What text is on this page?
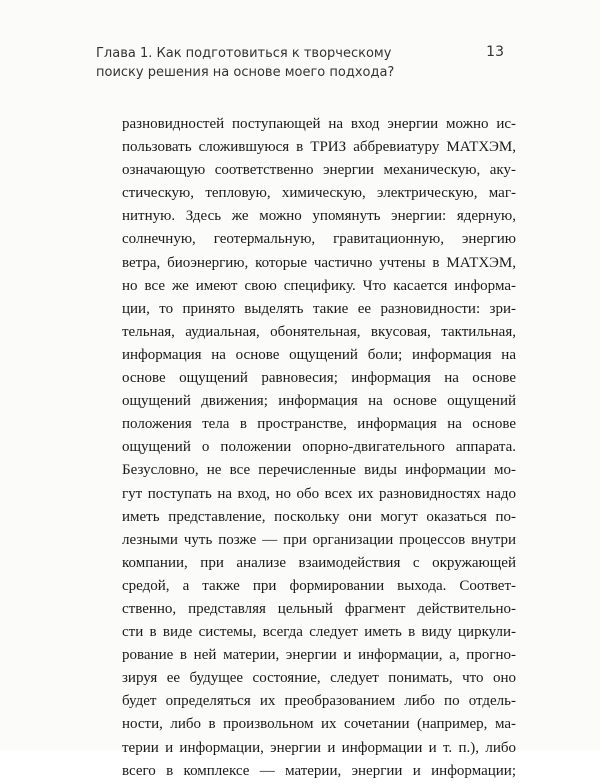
Глава 1. Как подготовиться к творческому
поиску решения на основе моего подхода?
13

разновидностей поступающей на вход энергии можно ис-

пользовать сложившуюся в ТРИЗ аббревиатуру МАТХЭМ,

означающую соответственно энергии механическую, аку-

стическую, тепловую, химическую, электрическую, маг-

нитную. Здесь же можно упомянуть энергии: ядерную,

солнечную, геотермальную, гравитационную, энергию

ветра, биоэнергию, которые частично учтены в МАТХЭМ,

но все же имеют свою специфику. Что касается информа-

ции, то принято выделять такие ее разновидности: зри-

тельная, аудиальная, обонятельная, вкусовая, тактильная,

информация на основе ощущений боли; информация на

основе ощущений равновесия; информация на основе

ощущений движения; информация на основе ощущений

положения тела в пространстве, информация на основе

ощущений о положении опорно-двигательного аппарата.

Безусловно, не все перечисленные виды информации мо-

гут поступать на вход, но обо всех их разновидностях надо

иметь представление, поскольку они могут оказаться по-

лезными чуть позже — при организации процессов внутри

компании, при анализе взаимодействия с окружающей

средой, а также при формировании выхода. Соответ-

ственно, представляя цельный фрагмент действительно-

сти в виде системы, всегда следует иметь в виду циркули-

рование в ней материи, энергии и информации, а, прогно-

зируя ее будущее состояние, следует понимать, что оно

будет определяться их преобразованием либо по отдель-

ности, либо в произвольном их сочетании (например, ма-

терии и информации, энергии и информации и т. п.), либо

всего в комплексе — материи, энергии и информации;
